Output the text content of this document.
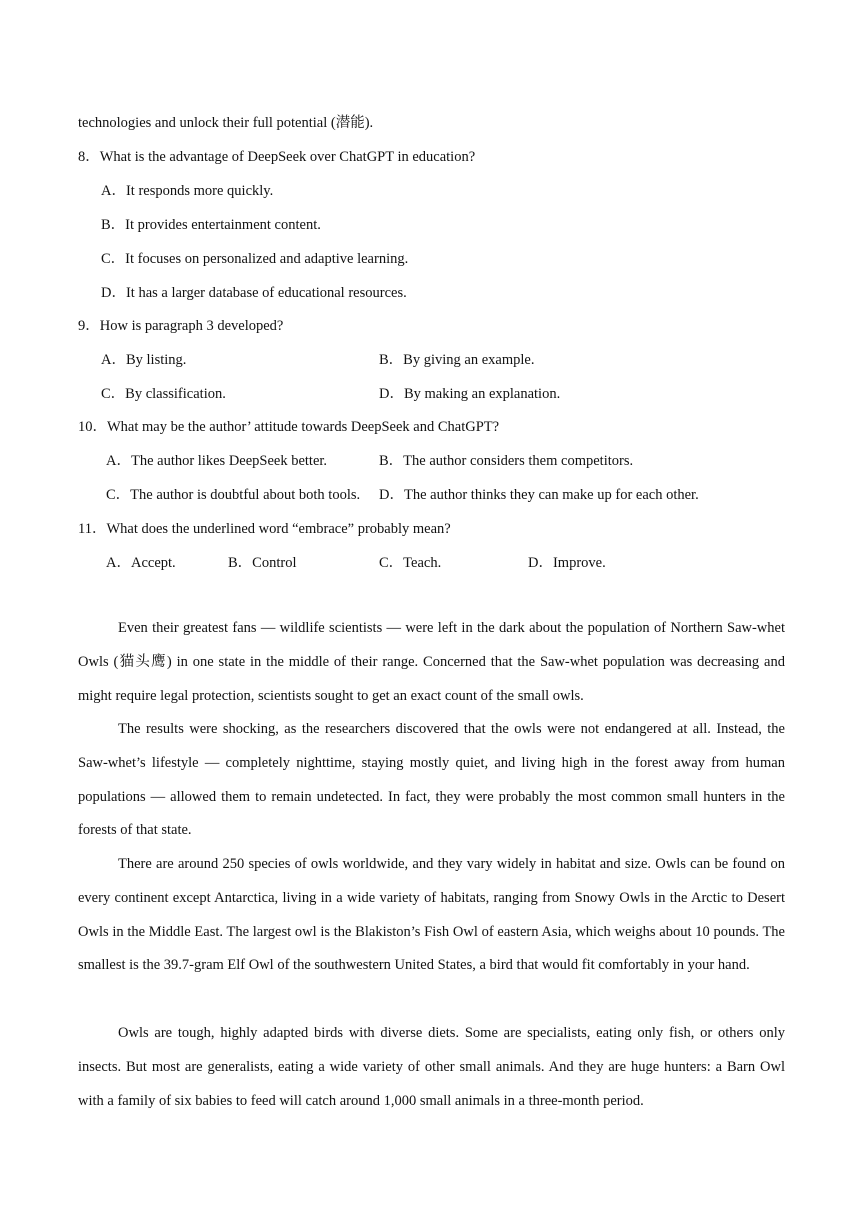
technologies and unlock their full potential (潜能).
8．What is the advantage of DeepSeek over ChatGPT in education?
A．It responds more quickly.
B．It provides entertainment content.
C．It focuses on personalized and adaptive learning.
D．It has a larger database of educational resources.
9．How is paragraph 3 developed?
A．By listing.	B．By giving an example.
C．By classification.	D．By making an explanation.
10．What may be the author’ attitude towards DeepSeek and ChatGPT?
A．The author likes DeepSeek better.	B．The author considers them competitors.
C．The author is doubtful about both tools. D．The author thinks they can make up for each other.
11．What does the underlined word “embrace” probably mean?
A．Accept.	B．Control	C．Teach.	D．Improve.
Even their greatest fans — wildlife scientists — were left in the dark about the population of Northern Saw-whet Owls (猫头鹰) in one state in the middle of their range. Concerned that the Saw-whet population was decreasing and might require legal protection, scientists sought to get an exact count of the small owls.
The results were shocking, as the researchers discovered that the owls were not endangered at all. Instead, the Saw-whet’s lifestyle — completely nighttime, staying mostly quiet, and living high in the forest away from human populations — allowed them to remain undetected. In fact, they were probably the most common small hunters in the forests of that state.
There are around 250 species of owls worldwide, and they vary widely in habitat and size. Owls can be found on every continent except Antarctica, living in a wide variety of habitats, ranging from Snowy Owls in the Arctic to Desert Owls in the Middle East. The largest owl is the Blakiston’s Fish Owl of eastern Asia, which weighs about 10 pounds. The smallest is the 39.7-gram Elf Owl of the southwestern United States, a bird that would fit comfortably in your hand.
Owls are tough, highly adapted birds with diverse diets. Some are specialists, eating only fish, or others only insects. But most are generalists, eating a wide variety of other small animals. And they are huge hunters: a Barn Owl with a family of six babies to feed will catch around 1,000 small animals in a three-month period.
